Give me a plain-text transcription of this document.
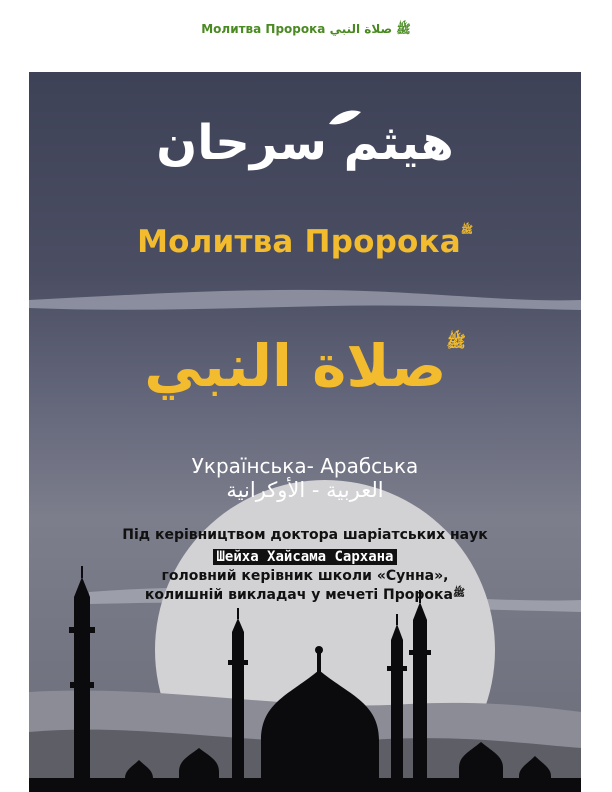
Молитва Пророка ﷺ صلاة النبي
هيثم سرحان
Молитва Пророка$^ﷺ$
$^ﷺ$صلاة النبي
Українська- Арабська
العربية - الأوكرانية
Під керівництвом доктора шаріатських наук
Шейха Хайсама Сархана
головний керівник школи «Сунна»,
колишній викладач у мечеті Пророка$^ﷺ$
